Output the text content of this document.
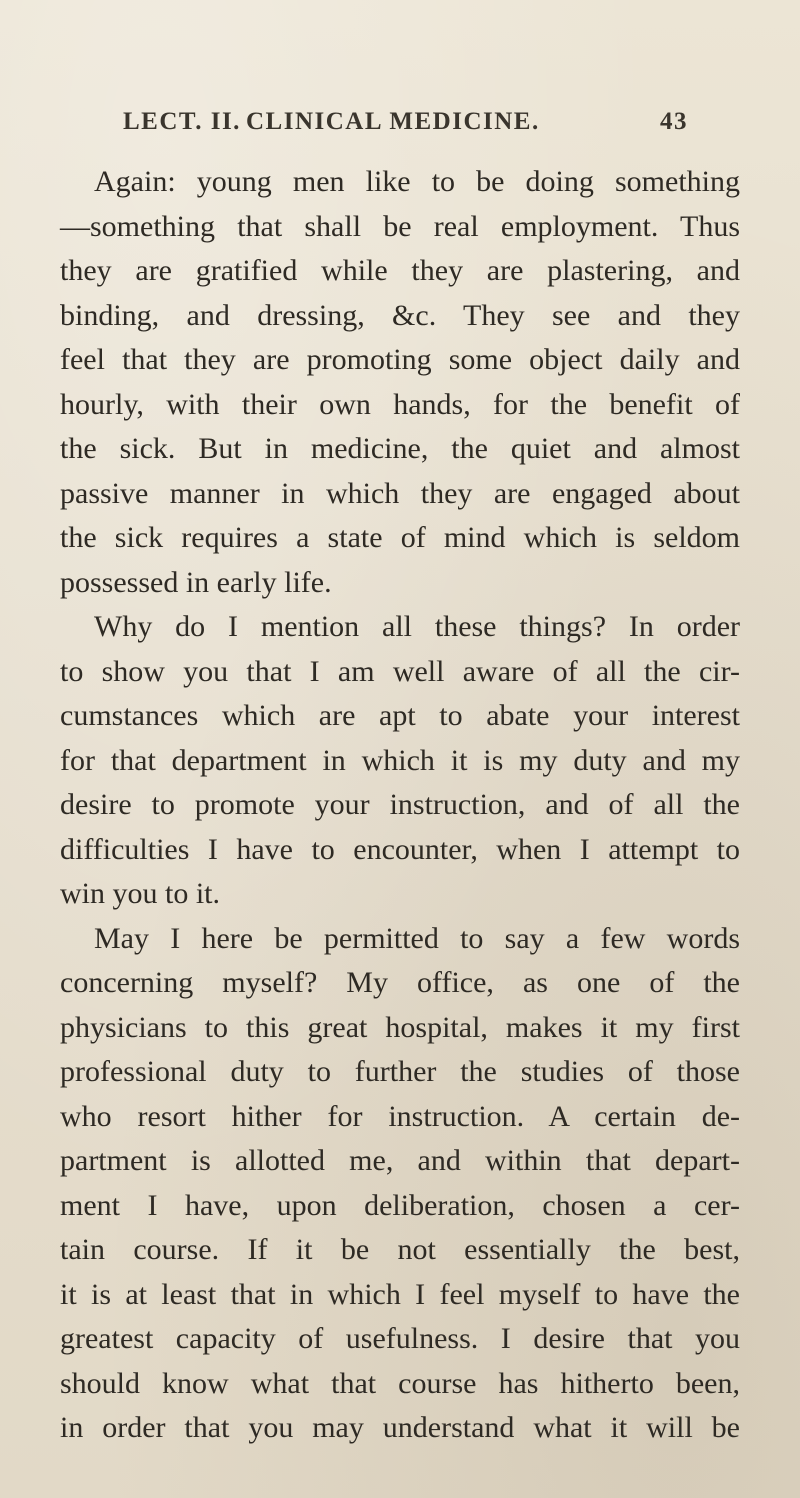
LECT. II. CLINICAL MEDICINE.	43
Again: young men like to be doing something
—something that shall be real employment. Thus
they are gratified while they are plastering, and
binding, and dressing, &c. They see and they
feel that they are promoting some object daily and
hourly, with their own hands, for the benefit of
the sick. But in medicine, the quiet and almost
passive manner in which they are engaged about
the sick requires a state of mind which is seldom
possessed in early life.
Why do I mention all these things? In order
to show you that I am well aware of all the cir-
cumstances which are apt to abate your interest
for that department in which it is my duty and my
desire to promote your instruction, and of all the
difficulties I have to encounter, when I attempt to
win you to it.
May I here be permitted to say a few words
concerning myself? My office, as one of the
physicians to this great hospital, makes it my first
professional duty to further the studies of those
who resort hither for instruction. A certain de-
partment is allotted me, and within that depart-
ment I have, upon deliberation, chosen a cer-
tain course. If it be not essentially the best,
it is at least that in which I feel myself to have the
greatest capacity of usefulness. I desire that you
should know what that course has hitherto been,
in order that you may understand what it will be
